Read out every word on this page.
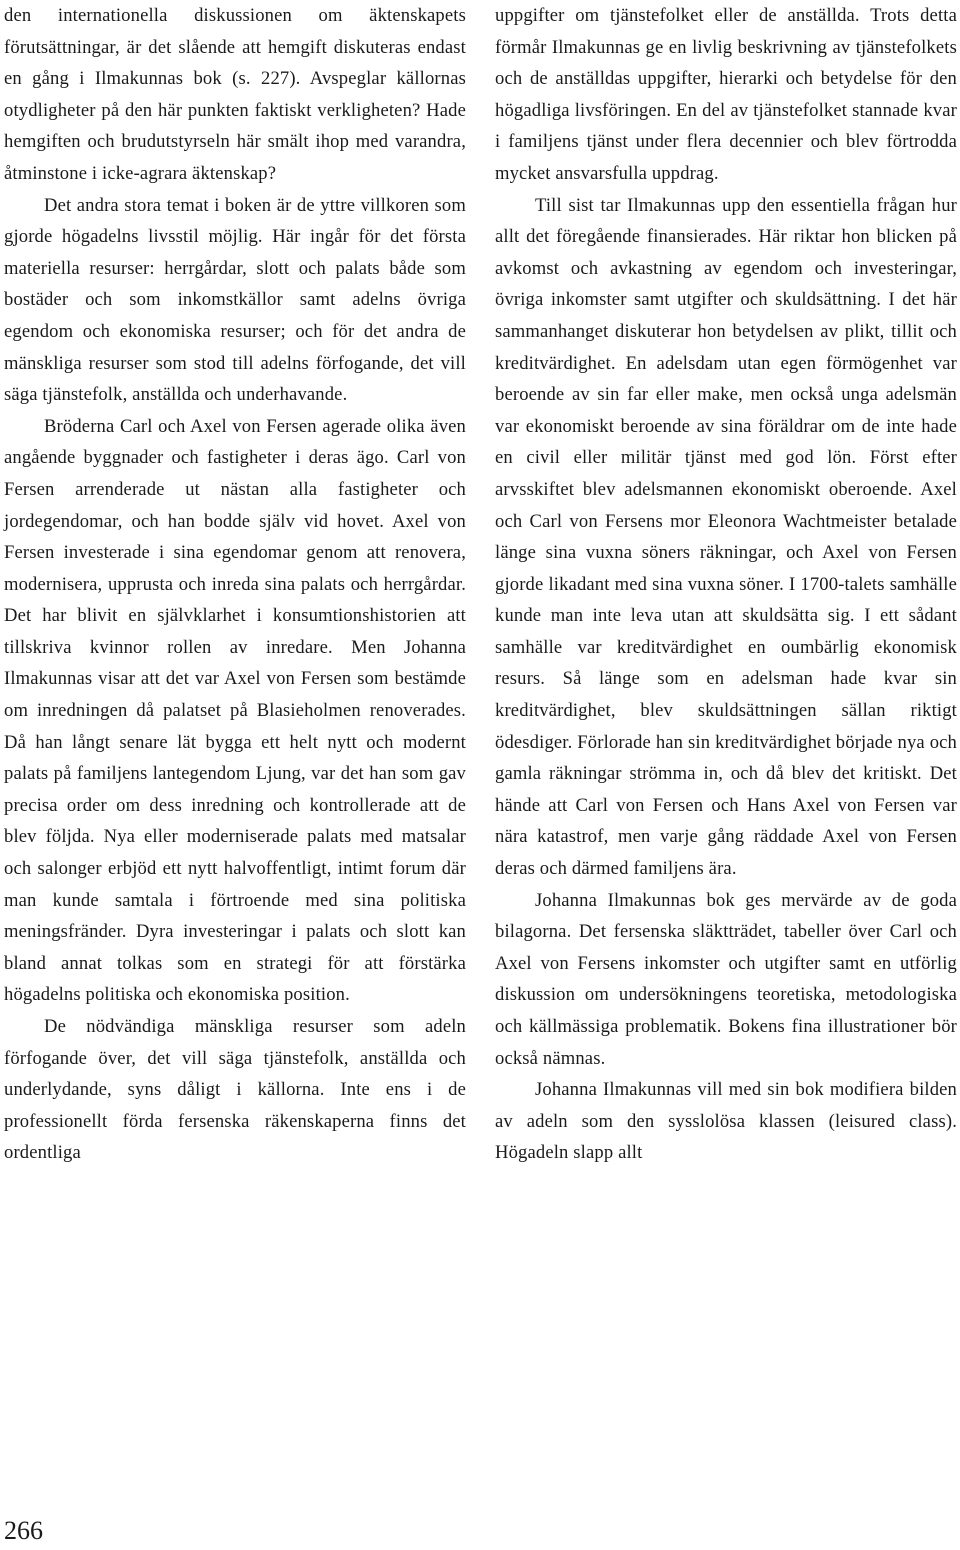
den internationella diskussionen om äktenskapets förutsättningar, är det slående att hemgift diskuteras endast en gång i Ilmakunnas bok (s. 227). Avspeglar källornas otydligheter på den här punkten faktiskt verkligheten? Hade hemgiften och brudutstyrseln här smält ihop med varandra, åtminstone i icke-agrara äktenskap?

Det andra stora temat i boken är de yttre villkoren som gjorde högadelns livsstil möjlig. Här ingår för det första materiella resurser: herrgårdar, slott och palats både som bostäder och som inkomstkällor samt adelns övriga egendom och ekonomiska resurser; och för det andra de mänskliga resurser som stod till adelns förfogande, det vill säga tjänstefolk, anställda och underhavande.

Bröderna Carl och Axel von Fersen agerade olika även angående byggnader och fastigheter i deras ägo. Carl von Fersen arrenderade ut nästan alla fastigheter och jordegendomar, och han bodde själv vid hovet. Axel von Fersen investerade i sina egendomar genom att renovera, modernisera, upprusta och inreda sina palats och herrgårdar. Det har blivit en självklarhet i konsumtionshistorien att tillskriva kvinnor rollen av inredare. Men Johanna Ilmakunnas visar att det var Axel von Fersen som bestämde om inredningen då palatset på Blasieholmen renoverades. Då han långt senare lät bygga ett helt nytt och modernt palats på familjens lantegendom Ljung, var det han som gav precisa order om dess inredning och kontrollerade att de blev följda. Nya eller moderniserade palats med matsalar och salonger erbjöd ett nytt halvoffentligt, intimt forum där man kunde samtala i förtroende med sina politiska meningsfränder. Dyra investeringar i palats och slott kan bland annat tolkas som en strategi för att förstärka högadelns politiska och ekonomiska position.

De nödvändiga mänskliga resurser som adeln förfogande över, det vill säga tjänstefolk, anställda och underlydande, syns dåligt i källorna. Inte ens i de professionellt förda fersenska räkenskaperna finns det ordentliga

uppgifter om tjänstefolket eller de anställda. Trots detta förmår Ilmakunnas ge en livlig beskrivning av tjänstefolkets och de anställdas uppgifter, hierarki och betydelse för den högadliga livsföringen. En del av tjänstefolket stannade kvar i familjens tjänst under flera decennier och blev förtrodda mycket ansvarsfulla uppdrag.

Till sist tar Ilmakunnas upp den essentiella frågan hur allt det föregående finansierades. Här riktar hon blicken på avkomst och avkastning av egendom och investeringar, övriga inkomster samt utgifter och skuldsättning. I det här sammanhanget diskuterar hon betydelsen av plikt, tillit och kreditvärdighet. En adelsdam utan egen förmögenhet var beroende av sin far eller make, men också unga adelsmän var ekonomiskt beroende av sina föräldrar om de inte hade en civil eller militär tjänst med god lön. Först efter arvsskiftet blev adelsmannen ekonomiskt oberoende. Axel och Carl von Fersens mor Eleonora Wachtmeister betalade länge sina vuxna söners räkningar, och Axel von Fersen gjorde likadant med sina vuxna söner. I 1700-talets samhälle kunde man inte leva utan att skuldsätta sig. I ett sådant samhälle var kreditvärdighet en oumbärlig ekonomisk resurs. Så länge som en adelsman hade kvar sin kreditvärdighet, blev skuldsättningen sällan riktigt ödesdiger. Förlorade han sin kreditvärdighet började nya och gamla räkningar strömma in, och då blev det kritiskt. Det hände att Carl von Fersen och Hans Axel von Fersen var nära katastrof, men varje gång räddade Axel von Fersen deras och därmed familjens ära.

Johanna Ilmakunnas bok ges mervärde av de goda bilagorna. Det fersenska släktträdet, tabeller över Carl och Axel von Fersens inkomster och utgifter samt en utförlig diskussion om undersökningens teoretiska, metodologiska och källmässiga problematik. Bokens fina illustrationer bör också nämnas.

Johanna Ilmakunnas vill med sin bok modifiera bilden av adeln som den sysslolösa klassen (leisured class). Högadeln slapp allt

266
